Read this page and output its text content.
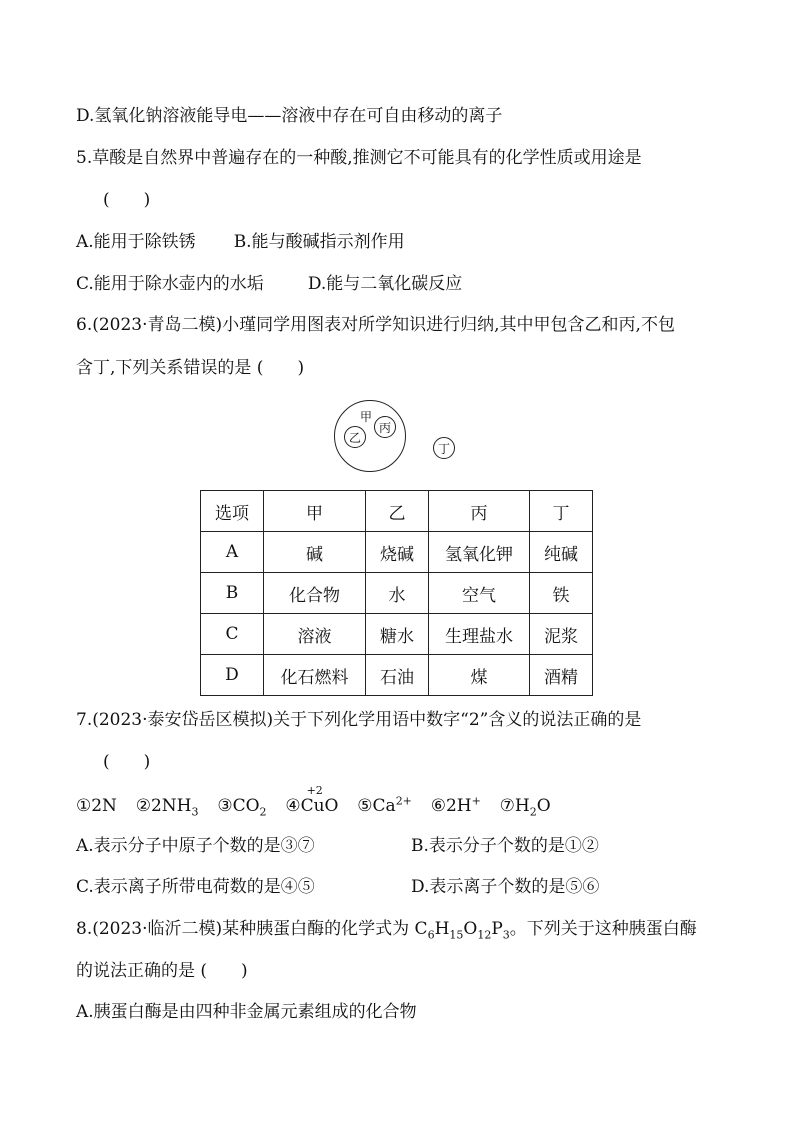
D.氢氧化钠溶液能导电——溶液中存在可自由移动的离子
5.草酸是自然界中普遍存在的一种酸,推测它不可能具有的化学性质或用途是
(　　)
A.能用于除铁锈 B.能与酸碱指示剂作用
C.能用于除水壶内的水垢	D.能与二氧化碳反应
6.(2023·青岛二模)小瑾同学用图表对所学知识进行归纳,其中甲包含乙和丙,不包
含丁,下列关系错误的是 (　　)
甲
乙
丙
丁
选项	甲	乙	丙	丁
A	碱	烧碱	氢氧化钾	纯碱
B	化合物	水	空气	铁
C	溶液	糖水	生理盐水	泥浆
D	化石燃料	石油	煤	酒精
7.(2023·泰安岱岳区模拟)关于下列化学用语中数字“2”含义的说法正确的是
(　　)
①2N $②2NH_3$ $③CO_2$ ④
+2
CuO $⑤Ca^{2+}$ ⑥2H+ $⑦H_2O$
A.表示分子中原子个数的是③⑦	B.表示分子个数的是①②
C.表示离子所带电荷数的是④⑤	D.表示离子个数的是⑤⑥
8.(2023·临沂二模)某种胰蛋白酶的化学式为 $C_6H_{15}O_{12}P_3$。下列关于这种胰蛋白酶
的说法正确的是 (　　)
A.胰蛋白酶是由四种非金属元素组成的化合物
